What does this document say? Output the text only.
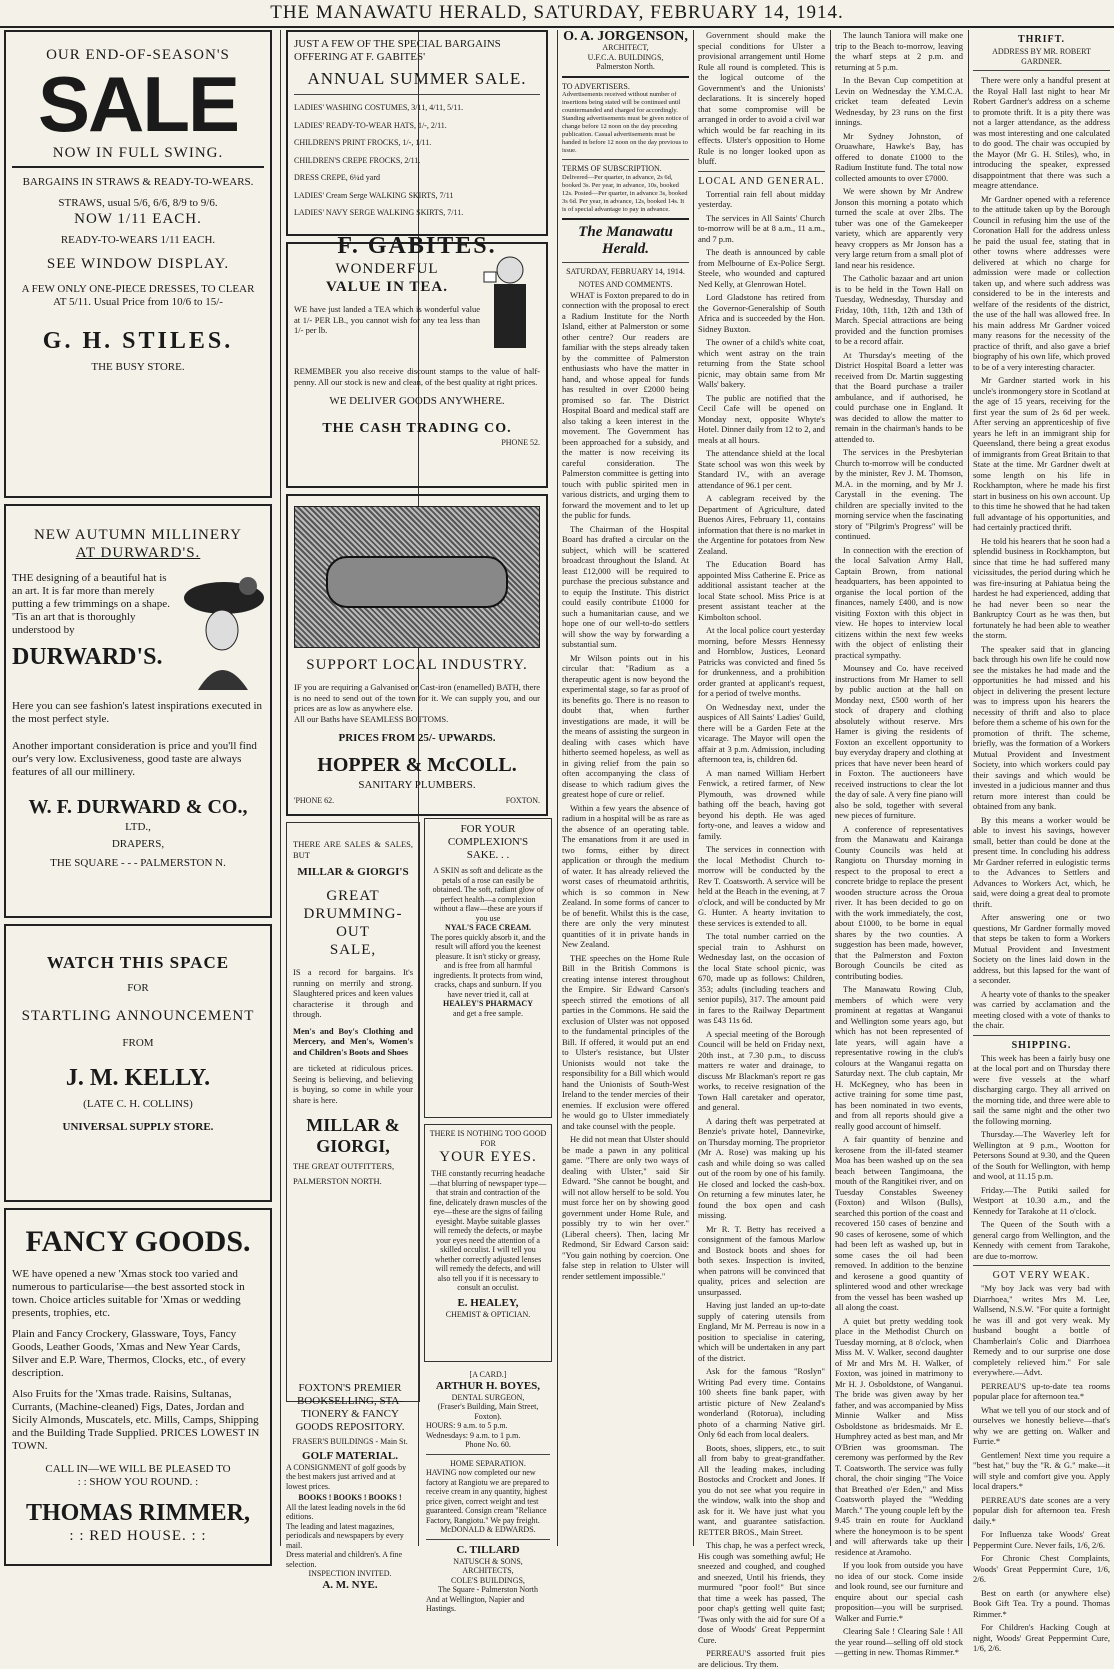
THE MANAWATU HERALD, SATURDAY, FEBRUARY 14, 1914.
OUR END-OF-SEASON'S
SALE
NOW IN FULL SWING.
BARGAINS IN STRAWS & READY-TO-WEARS.
STRAWS, usual 5/6, 6/6, 8/9 to 9/6.
NOW 1/11 EACH.
READY-TO-WEARS 1/11 EACH.
SEE WINDOW DISPLAY.
A FEW ONLY ONE-PIECE DRESSES, TO CLEAR AT 5/11. Usual Price from 10/6 to 15/-
G. H. STILES.
THE BUSY STORE.
NEW AUTUMN MILLINERY
AT DURWARD'S.
THE designing of a beautiful hat is an art. It is far more than merely putting a few trimmings on a shape. 'Tis an art that is thoroughly understood by
DURWARD'S.
Here you can see fashion's latest inspirations executed in the most perfect style.
Another important consideration is price and you'll find our's very low. Exclusiveness, good taste are always features of all our millinery.
W. F. DURWARD & CO.,
LTD.,
DRAPERS,
THE SQUARE - - - PALMERSTON N.
WATCH THIS SPACE
FOR
STARTLING ANNOUNCEMENT
FROM
J. M. KELLY.
(LATE C. H. COLLINS)
UNIVERSAL SUPPLY STORE.
FANCY GOODS.
WE have opened a new 'Xmas stock too varied and numerous to particularise—the best assorted stock in town. Choice articles suitable for 'Xmas or wedding presents, trophies, etc.
Plain and Fancy Crockery, Glassware, Toys, Fancy Goods, Leather Goods, 'Xmas and New Year Cards, Silver and E.P. Ware, Thermos, Clocks, etc., of every description.
Also Fruits for the 'Xmas trade. Raisins, Sultanas, Currants, (Machine-cleaned) Figs, Dates, Jordan and Sicily Almonds, Muscatels, etc. Mills, Camps, Shipping and the Building Trade Supplied. PRICES LOWEST IN TOWN.
CALL IN—WE WILL BE PLEASED TO
: : SHOW YOU ROUND. :
THOMAS RIMMER,
: : RED HOUSE. : :
JUST A FEW OF THE SPECIAL BARGAINS OFFERING AT F. GABITES'
ANNUAL SUMMER SALE.

LADIES' WASHING COSTUMES, 3/11, 4/11, 5/11.

LADIES' READY-TO-WEAR HATS, 1/-, 2/11.

CHILDREN'S PRINT FROCKS, 1/-, 1/11.

CHILDREN'S CREPE FROCKS, 2/11.

DRESS CREPE, 6¼d yard

LADIES' Cream Serge WALKING SKIRTS, 7/11

LADIES' NAVY SERGE WALKING SKIRTS, 7/11.

F. GABITES.
WONDERFUL
VALUE IN TEA.
WE have just landed a TEA which is wonderful value at 1/- PER LB., you cannot wish for any tea less than 1/- per lb.
REMEMBER you also receive discount stamps to the value of half-penny. All our stock is new and clean, of the best quality at right prices.
WE DELIVER GOODS ANYWHERE.
THE CASH TRADING CO.
PHONE 52.
SUPPORT LOCAL INDUSTRY.
IF you are requiring a Galvanised or Cast-iron (enamelled) BATH, there is no need to send out of the town for it. We can supply you, and our prices are as low as anywhere else.
All our Baths have SEAMLESS BOTTOMS.
PRICES FROM 25/- UPWARDS.
HOPPER & McCOLL.
SANITARY PLUMBERS.
'PHONE 62.	FOXTON.
THERE ARE SALES & SALES, BUT
MILLAR & GIORGI'S
GREAT
DRUMMING-OUT
SALE,
IS a record for bargains. It's running on merrily and strong. Slaughtered prices and keen values characterise it through and through.
Men's and Boy's Clothing and Mercery, and Men's, Women's and Children's Boots and Shoes
are ticketed at ridiculous prices. Seeing is believing, and believing is buying, so come in while your share is here.
MILLAR &
GIORGI,
THE GREAT OUTFITTERS,
PALMERSTON NORTH.
FOXTON'S PREMIER
BOOKSELLING, STA-
TIONERY & FANCY
GOODS REPOSITORY.
FRASER'S BUILDINGS - Main St.
GOLF MATERIAL.
A CONSIGNMENT of golf goods by the best makers just arrived and at lowest prices.
BOOKS ! BOOKS ! BOOKS !
All the latest leading novels in the 6d editions.
The leading and latest magazines, periodicals and newspapers by every mail.
Dress material and children's. A fine selection.
INSPECTION INVITED.
A. M. NYE.
FOR YOUR
COMPLEXION'S
SAKE. . .
A SKIN as soft and delicate as the petals of a rose can easily be obtained. The soft, radiant glow of perfect health—a complexion without a flaw—these are yours if you use
NYAL'S FACE CREAM.
The pores quickly absorb it, and the result will afford you the keenest pleasure. It isn't sticky or greasy, and is free from all harmful ingredients. It protects from wind, cracks, chaps and sunburn. If you have never tried it, call at
HEALEY'S PHARMACY
and get a free sample.
THERE IS NOTHING TOO GOOD FOR
YOUR EYES.
THE constantly recurring headache—that blurring of newspaper type—that strain and contraction of the fine, delicately drawn muscles of the eye—these are the signs of failing eyesight. Maybe suitable glasses will remedy the defects, or maybe your eyes need the attention of a skilled occulist. I will tell you whether correctly adjusted lenses will remedy the defects, and will also tell you if it is necessary to consult an occulist.
E. HEALEY,
CHEMIST & OPTICIAN.
[A CARD.]
ARTHUR H. BOYES,
DENTAL SURGEON,
(Fraser's Building, Main Street, Foxton).
HOURS: 9 a.m. to 5 p.m. Wednesdays: 9 a.m. to 1 p.m.
Phone No. 60.
HOME SEPARATION.
HAVING now completed our new factory at Rangiotu we are prepared to receive cream in any quantity, highest price given, correct weight and test guaranteed. Consign cream "Reliance Factory, Rangiotu." We pay freight.
McDONALD & EDWARDS.
C. TILLARD
NATUSCH & SONS,
ARCHITECTS,
COLE'S BUILDINGS,
The Square - Palmerston North
And at Wellington, Napier and Hastings.
O. A. JORGENSON,
ARCHITECT,
U.F.C.A. BUILDINGS,
Palmerston North.
TO ADVERTISERS.
Advertisements received without number of insertions being stated will be continued until countermanded and charged for accordingly. Standing advertisements must be given notice of change before 12 noon on the day preceding publication. Casual advertisements must be handed in before 12 noon on the day previous to issue.
TERMS OF SUBSCRIPTION.
Delivered—Per quarter, in advance, 2s 6d, booked 3s. Per year, in advance, 10s, booked 12s. Posted—Per quarter, in advance 3s, booked 3s 6d. Per year, in advance, 12s, booked 14s. It is of special advantage to pay in advance.
The Manawatu Herald.
SATURDAY, FEBRUARY 14, 1914.
NOTES AND COMMENTS.

WHAT is Foxton prepared to do in connection with the proposal to erect a Radium Institute for the North Island, either at Palmerston or some other centre? Our readers are familiar with the steps already taken by the committee of Palmerston enthusiasts who have the matter in hand, and whose appeal for funds has resulted in over £2000 being promised so far. The District Hospital Board and medical staff are also taking a keen interest in the movement. The Government has been approached for a subsidy, and the matter is now receiving its careful consideration. The Palmerston committee is getting into touch with public spirited men in various districts, and urging them to forward the movement and to let up the public for funds.

The Chairman of the Hospital Board has drafted a circular on the subject, which will be scattered broadcast throughout the Island. At least £12,000 will be required to purchase the precious substance and to equip the Institute. This district could easily contribute £1000 for such a humanitarian cause, and we hope one of our well-to-do settlers will show the way by forwarding a substantial sum.

Mr Wilson points out in his circular that: "Radium as a therapeutic agent is now beyond the experimental stage, so far as proof of its benefits go. There is no reason to doubt that, when further investigations are made, it will be the means of assisting the surgeon in dealing with cases which have hitherto seemed hopeless, as well as in giving relief from the pain so often accompanying the class of disease to which radium gives the greatest hope of cure or relief.

Within a few years the absence of radium in a hospital will be as rare as the absence of an operating table. The emanations from it are used in two forms, either by direct application or through the medium of water. It has already relieved the worst cases of rheumatoid arthritis, which is so common in New Zealand. In some forms of cancer to be of benefit. Whilst this is the case, there are only the very minutest quantities of it in private hands in New Zealand.

THE speeches on the Home Rule Bill in the British Commons is creating intense interest throughout the Empire. Sir Edward Carson's speech stirred the emotions of all parties in the Commons. He said the exclusion of Ulster was not opposed to the fundamental principles of the Bill. If offered, it would put an end to Ulster's resistance, but Ulster Unionists would not take the responsibility for a Bill which would hand the Unionists of South-West Ireland to the tender mercies of their enemies. If exclusion were offered he would go to Ulster immediately and take counsel with the people.

He did not mean that Ulster should be made a pawn in any political game. "There are only two ways of dealing with Ulster," said Sir Edward. "She cannot be bought, and will not allow herself to be sold. You must force her on by showing good government under Home Rule, and possibly try to win her over." (Liberal cheers). Then, lacing Mr Redmond, Sir Edward Carson said: "You gain nothing by coercion. One false step in relation to Ulster will render settlement impossible."

Government should make the special conditions for Ulster a provisional arrangement until Home Rule all round is completed. This is the logical outcome of the Government's and the Unionists' declarations. It is sincerely hoped that some compromise will be arranged in order to avoid a civil war which would be far reaching in its effects. Ulster's opposition to Home Rule is no longer looked upon as bluff.

LOCAL AND GENERAL.

Torrential rain fell about midday yesterday.

The services in All Saints' Church to-morrow will be at 8 a.m., 11 a.m., and 7 p.m.

The death is announced by cable from Melbourne of Ex-Police Sergt. Steele, who wounded and captured Ned Kelly, at Glenrowan Hotel.

Lord Gladstone has retired from the Governor-Generalship of South Africa and is succeeded by the Hon. Sidney Buxton.

The owner of a child's white coat, which went astray on the train returning from the State school picnic, may obtain same from Mr Walls' bakery.

The public are notified that the Cecil Cafe will be opened on Monday next, opposite Whyte's Hotel. Dinner daily from 12 to 2, and meals at all hours.

The attendance shield at the local State school was won this week by Standard IV., with an average attendance of 96.1 per cent.

A cablegram received by the Department of Agriculture, dated Buenos Aires, February 11, contains information that there is no market in the Argentine for potatoes from New Zealand.

The Education Board has appointed Miss Catherine E. Price as additional assistant teacher at the local State school. Miss Price is at present assistant teacher at the Kimbolton school.

At the local police court yesterday morning, before Messrs Hennessy and Hornblow, Justices, Leonard Patricks was convicted and fined 5s for drunkenness, and a prohibition order granted at applicant's request, for a period of twelve months.

On Wednesday next, under the auspices of All Saints' Ladies' Guild, there will be a Garden Fete at the vicarage. The Mayor will open the affair at 3 p.m. Admission, including afternoon tea, is, children 6d.

A man named William Herbert Fenwick, a retired farmer, of New Plymouth, was drowned while bathing off the beach, having got beyond his depth. He was aged forty-one, and leaves a widow and family.

The services in connection with the local Methodist Church to-morrow will be conducted by the Rev T. Coatsworth. A service will be held at the Beach in the evening, at 7 o'clock, and will be conducted by Mr G. Hunter. A hearty invitation to these services is extended to all.

The total number carried on the special train to Ashhurst on Wednesday last, on the occasion of the local State school picnic, was 670, made up as follows: Children, 353; adults (including teachers and senior pupils), 317. The amount paid in fares to the Railway Department was £43 11s 6d.

A special meeting of the Borough Council will be held on Friday next, 20th inst., at 7.30 p.m., to discuss matters re water and drainage, to discuss Mr Blackman's report re gas works, to receive resignation of the Town Hall caretaker and operator, and general.

A daring theft was perpetrated at Benzie's private hotel, Dannevirke, on Thursday morning. The proprietor (Mr A. Rose) was making up his cash and while doing so was called out of the room by one of his family. He closed and locked the cash-box. On returning a few minutes later, he found the box open and cash missing.

Mr R. T. Betty has received a consignment of the famous Marlow and Bostock boots and shoes for both sexes. Inspection is invited, when patrons will be convinced that quality, prices and selection are unsurpassed.

Having just landed an up-to-date supply of catering utensils from England, Mr M. Perreau is now in a position to specialise in catering, which will be undertaken in any part of the district.

Ask for the famous "Roslyn" Writing Pad every time. Contains 100 sheets fine bank paper, with artistic picture of New Zealand's wonderland (Rotorua), including photo of a charming Native girl. Only 6d each from local dealers.

Boots, shoes, slippers, etc., to suit all from baby to great-grandfather. All the leading makes, including Bostocks and Crockett and Jones. If you do not see what you require in the window, walk into the shop and ask for it. We have just what you want, and guarantee satisfaction. RETTER BROS., Main Street.

This chap, he was a perfect wreck, His cough was something awful; He sneezed and coughed, and coughed and sneezed, Until his friends, they murmured "poor fool!" But since that time a week has passed, The poor chap's getting well quite fast; 'Twas only with the aid for sure Of a dose of Woods' Great Peppermint Cure.

PERREAU'S assorted fruit pies are delicious. Try them.

The launch Taniora will make one trip to the Beach to-morrow, leaving the wharf steps at 2 p.m. and returning at 5 p.m.

In the Bevan Cup competition at Levin on Wednesday the Y.M.C.A. cricket team defeated Levin Wednesday, by 23 runs on the first innings.

Mr Sydney Johnston, of Oruawhare, Hawke's Bay, has offered to donate £1000 to the Radium Institute fund. The total now collected amounts to over £7000.

We were shown by Mr Andrew Jonson this morning a potato which turned the scale at over 2lbs. The tuber was one of the Gamekeeper variety, which are apparently very heavy croppers as Mr Jonson has a very large return from a small plot of land near his residence.

The Catholic bazaar and art union is to be held in the Town Hall on Tuesday, Wednesday, Thursday and Friday, 10th, 11th, 12th and 13th of March. Special attractions are being provided and the function promises to be a record affair.

At Thursday's meeting of the District Hospital Board a letter was received from Dr. Martin suggesting that the Board purchase a trailer ambulance, and if authorised, he could purchase one in England. It was decided to allow the matter to remain in the chairman's hands to be attended to.

The services in the Presbyterian Church to-morrow will be conducted by the minister, Rev J. M. Thomson, M.A. in the morning, and by Mr J. Carystall in the evening. The children are specially invited to the morning service when the fascinating story of "Pilgrim's Progress" will be continued.

In connection with the erection of the local Salvation Army Hall, Captain Brown, from national headquarters, has been appointed to organise the local portion of the finances, namely £400, and is now visiting Foxton with this object in view. He hopes to interview local citizens within the next few weeks with the object of enlisting their practical sympathy.

Mounsey and Co. have received instructions from Mr Hamer to sell by public auction at the hall on Monday next, £500 worth of her stock of drapery and clothing absolutely without reserve. Mrs Hamer is giving the residents of Foxton an excellent opportunity to buy everyday drapery and clothing at prices that have never been heard of in Foxton. The auctioneers have received instructions to clear the lot the day of sale. A very fine piano will also be sold, together with several new pieces of furniture.

A conference of representatives from the Manawatu and Kairanga County Councils was held at Rangiotu on Thursday morning in respect to the proposal to erect a concrete bridge to replace the present wooden structure across the Oroua river. It has been decided to go on with the work immediately, the cost, about £1000, to be borne in equal shares by the two counties. A suggestion has been made, however, that the Palmerston and Foxton Borough Councils be cited as contributing bodies.

The Manawatu Rowing Club, members of which were very prominent at regattas at Wanganui and Wellington some years ago, but which has not been represented of late years, will again have a representative rowing in the club's colours at the Wanganui regatta on Saturday next. The club captain, Mr H. McKegney, who has been in active training for some time past, has been nominated in two events, and from all reports should give a really good account of himself.

A fair quantity of benzine and kerosene from the ill-fated steamer Moa has been washed up on the sea beach between Tangimoana, the mouth of the Rangitikei river, and on Tuesday Constables Sweeney (Foxton) and Wilson (Bulls), searched this portion of the coast and recovered 150 cases of benzine and 90 cases of kerosene, some of which had been left as washed up, but in some cases the oil had been removed. In addition to the benzine and kerosene a good quantity of splintered wood and other wreckage from the vessel has been washed up all along the coast.

A quiet but pretty wedding took place in the Methodist Church on Tuesday morning, at 8 o'clock, when Miss M. V. Walker, second daughter of Mr and Mrs M. H. Walker, of Foxton, was joined in matrimony to Mr H. J. Osboldstone, of Wanganui. The bride was given away by her father, and was accompanied by Miss Minnie Walker and Miss Osboldstone as bridesmaids. Mr E. Humphrey acted as best man, and Mr O'Brien was groomsman. The ceremony was performed by the Rev T. Coatsworth. The service was fully choral, the choir singing "The Voice that Breathed o'er Eden," and Miss Coatsworth played the "Wedding March." The young couple left by the 9.45 train en route for Auckland where the honeymoon is to be spent and will afterwards take up their residence at Aramoho.

If you look from outside you have no idea of our stock. Come inside and look round, see our furniture and enquire about our special cash proposition—you will be surprised. Walker and Furrie.*

Clearing Sale ! Clearing Sale ! All the year round—selling off old stock—getting in new. Thomas Rimmer.*

THRIFT.
ADDRESS BY MR. ROBERT GARDNER.

There were only a handful present at the Royal Hall last night to hear Mr Robert Gardner's address on a scheme to promote thrift. It is a pity there was not a larger attendance, as the address was most interesting and one calculated to do good. The chair was occupied by the Mayor (Mr G. H. Stiles), who, in introducing the speaker, expressed disappointment that there was such a meagre attendance.

Mr Gardner opened with a reference to the attitude taken up by the Borough Council in refusing him the use of the Coronation Hall for the address unless he paid the usual fee, stating that in other towns where addresses were delivered at which no charge for admission were made or collection taken up, and where such address was considered to be in the interests and welfare of the residents of the district, the use of the hall was allowed free. In his main address Mr Gardner voiced many reasons for the necessity of the practice of thrift, and also gave a brief biography of his own life, which proved to be of a very interesting character.

Mr Gardner started work in his uncle's ironmongery store in Scotland at the age of 15 years, receiving for the first year the sum of 2s 6d per week. After serving an apprenticeship of five years he left in an immigrant ship for Queensland, there being a great exodus of immigrants from Great Britain to that State at the time. Mr Gardner dwelt at some length on his life in Rockhampton, where he made his first start in business on his own account. Up to this time he showed that he had taken full advantage of his opportunities, and had certainly practiced thrift.

He told his hearers that he soon had a splendid business in Rockhampton, but since that time he had suffered many vicissitudes, the period during which he was fire-insuring at Pahiatua being the hardest he had experienced, adding that he had never been so near the Bankruptcy Court as he was then, but fortunately he had been able to weather the storm.

The speaker said that in glancing back through his own life he could now see the mistakes he had made and the opportunities he had missed and his object in delivering the present lecture was to impress upon his hearers the necessity of thrift and also to place before them a scheme of his own for the promotion of thrift. The scheme, briefly, was the formation of a Workers Mutual Provident and Investment Society, into which workers could pay their savings and which would be invested in a judicious manner and thus return more interest than could be obtained from any bank.

By this means a worker would be able to invest his savings, however small, better than could be done at the present time. In concluding his address Mr Gardner referred in eulogistic terms to the Advances to Settlers and Advances to Workers Act, which, he said, were doing a great deal to promote thrift.

After answering one or two questions, Mr Gardner formally moved that steps be taken to form a Workers Mutual Provident and Investment Society on the lines laid down in the address, but this lapsed for the want of a seconder.

A hearty vote of thanks to the speaker was carried by acclamation and the meeting closed with a vote of thanks to the chair.

SHIPPING.

This week has been a fairly busy one at the local port and on Thursday there were five vessels at the wharf discharging cargo. They all arrived on the morning tide, and three were able to sail the same night and the other two the following morning.

Thursday.—The Waverley left for Wellington at 9 p.m., Wootton for Petersons Sound at 9.30, and the Queen of the South for Wellington, with hemp and wool, at 11.15 p.m.

Friday.—The Putiki sailed for Westport at 10.30 a.m., and the Kennedy for Tarakohe at 11 o'clock.

The Queen of the South with a general cargo from Wellington, and the Kennedy with cement from Tarakohe, are due to-morrow.

GOT VERY WEAK.

"My boy Jack was very bad with Diarrhoea," writes Mrs M. Lee, Wallsend, N.S.W. "For quite a fortnight he was ill and got very weak. My husband bought a bottle of Chamberlain's Colic and Diarrhoea Remedy and to our surprise one dose completely relieved him." For sale everywhere.—Advt.

PERREAU'S up-to-date tea rooms popular place for afternoon tea.*

What we tell you of our stock and of ourselves we honestly believe—that's why we are getting on. Walker and Furrie.*

Gentlemen! Next time you require a "best hat," buy the "R. & G." make—it will style and comfort give you. Apply local drapers.*

PERREAU'S date scones are a very popular dish for afternoon tea. Fresh daily.*

For Influenza take Woods' Great Peppermint Cure. Never fails, 1/6, 2/6.

For Chronic Chest Complaints, Woods' Great Peppermint Cure, 1/6, 2/6.

Best on earth (or anywhere else) Book Gift Tea. Try a pound. Thomas Rimmer.*

For Children's Hacking Cough at night, Woods' Great Peppermint Cure, 1/6, 2/6.
